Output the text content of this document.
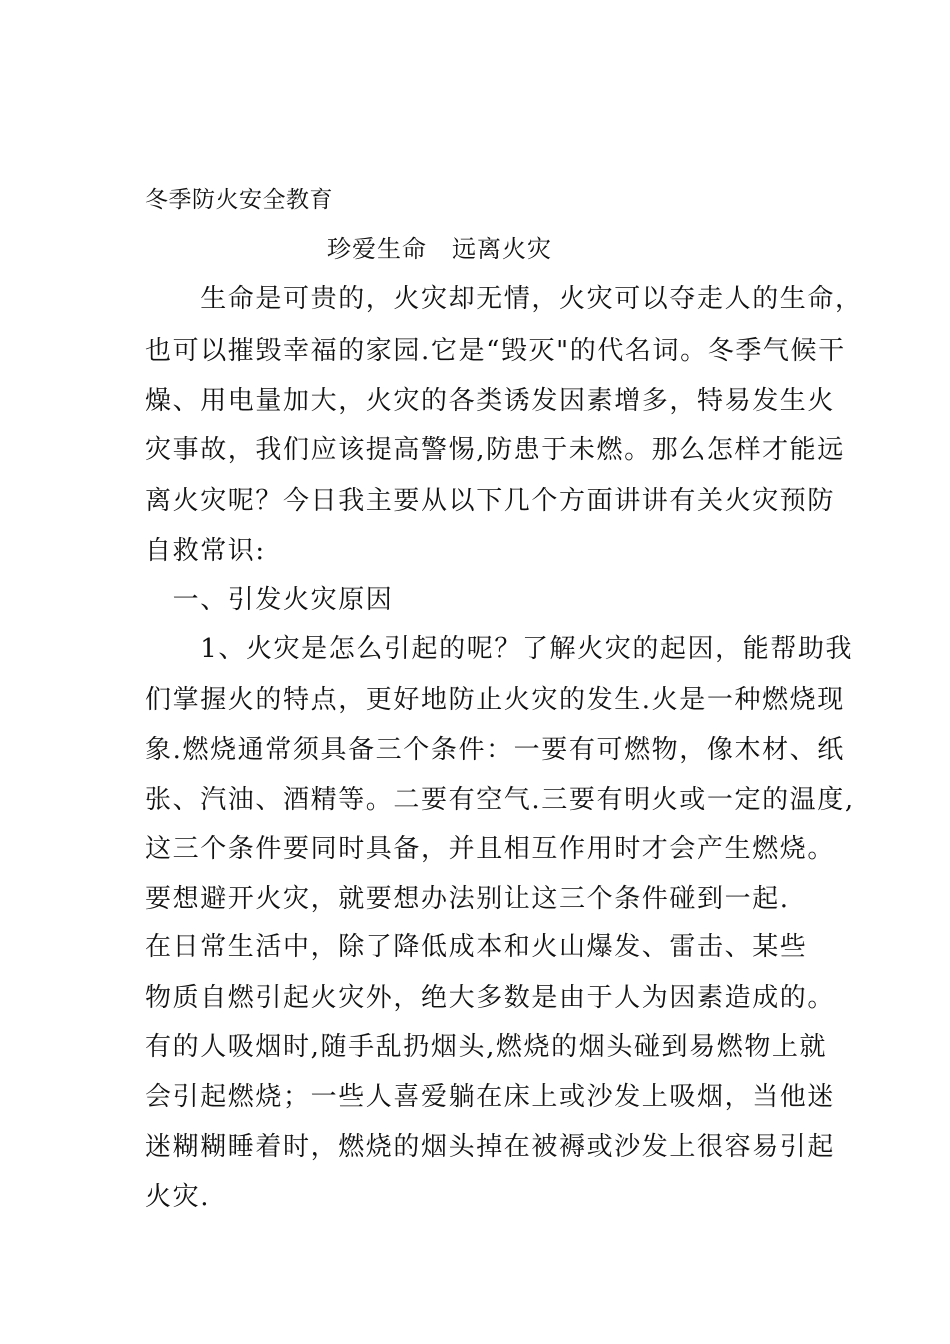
冬季防火安全教育
珍爱生命　远离火灾
　　生命是可贵的，火灾却无情，火灾可以夺走人的生命，
也可以摧毁幸福的家园.它是“毁灭"的代名词。冬季气候干
燥、用电量加大，火灾的各类诱发因素增多，特易发生火
灾事故，我们应该提高警惕,防患于未燃。那么怎样才能远
离火灾呢？今日我主要从以下几个方面讲讲有关火灾预防
自救常识:
　一、引发火灾原因
　　1、火灾是怎么引起的呢？了解火灾的起因，能帮助我
们掌握火的特点，更好地防止火灾的发生.火是一种燃烧现
象.燃烧通常须具备三个条件：一要有可燃物，像木材、纸
张、汽油、酒精等。二要有空气.三要有明火或一定的温度,
这三个条件要同时具备，并且相互作用时才会产生燃烧。
要想避开火灾，就要想办法别让这三个条件碰到一起.
在日常生活中，除了降低成本和火山爆发、雷击、某些
物质自燃引起火灾外，绝大多数是由于人为因素造成的。
有的人吸烟时,随手乱扔烟头,燃烧的烟头碰到易燃物上就
会引起燃烧；一些人喜爱躺在床上或沙发上吸烟，当他迷
迷糊糊睡着时，燃烧的烟头掉在被褥或沙发上很容易引起
火灾.
